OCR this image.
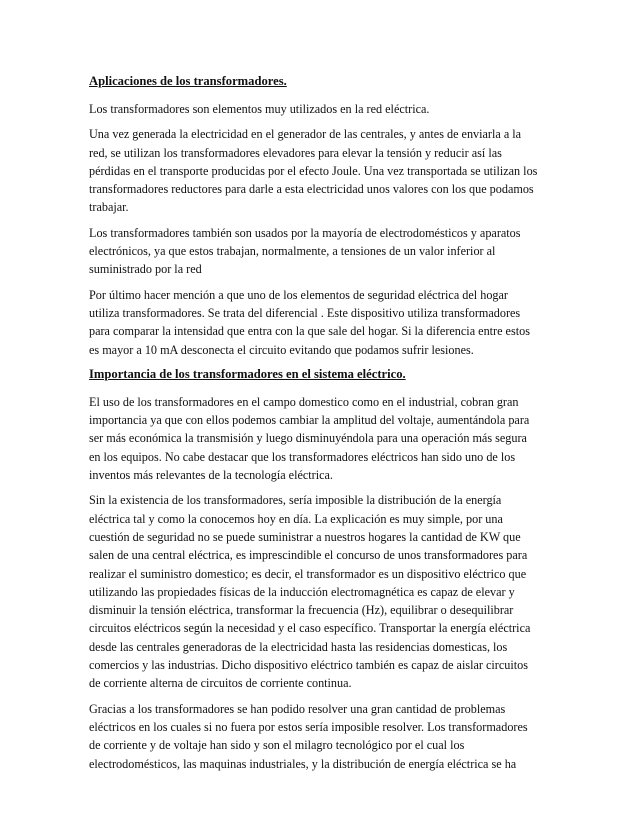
Aplicaciones de los transformadores.
Los transformadores son elementos muy utilizados en la red eléctrica.
Una vez generada la electricidad en el generador de las centrales, y antes de enviarla a la
red, se utilizan los transformadores elevadores para elevar la tensión y reducir así las
pérdidas en el transporte producidas por el efecto Joule. Una vez transportada se utilizan los
transformadores reductores para darle a esta electricidad unos valores con los que podamos
trabajar.
Los transformadores también son usados por la mayoría de electrodomésticos y aparatos
electrónicos, ya que estos trabajan, normalmente, a tensiones de un valor inferior al
suministrado por la red
Por último hacer mención a que uno de los elementos de seguridad eléctrica del hogar
utiliza transformadores. Se trata del diferencial . Este dispositivo utiliza transformadores
para comparar la intensidad que entra con la que sale del hogar. Si la diferencia entre estos
es mayor a 10 mA desconecta el circuito evitando que podamos sufrir lesiones.
Importancia de los transformadores en el sistema eléctrico.
El uso de los transformadores en el campo domestico como en el industrial, cobran gran
importancia ya que con ellos podemos cambiar la amplitud del voltaje, aumentándola para
ser más económica la transmisión y luego disminuyéndola para una operación más segura
en los equipos. No cabe destacar que los transformadores eléctricos han sido uno de los
inventos más relevantes de la tecnología eléctrica.
Sin la existencia de los transformadores, sería imposible la distribución de la energía
eléctrica tal y como la conocemos hoy en día. La explicación es muy simple, por una
cuestión de seguridad no se puede suministrar a nuestros hogares la cantidad de KW que
salen de una central eléctrica, es imprescindible el concurso de unos transformadores para
realizar el suministro domestico; es decir, el transformador es un dispositivo eléctrico que
utilizando las propiedades físicas de la inducción electromagnética es capaz de elevar y
disminuir la tensión eléctrica, transformar la frecuencia (Hz), equilibrar o desequilibrar
circuitos eléctricos según la necesidad y el caso específico. Transportar la energía eléctrica
desde las centrales generadoras de la electricidad hasta las residencias domesticas, los
comercios y las industrias. Dicho dispositivo eléctrico también es capaz de aislar circuitos
de corriente alterna de circuitos de corriente continua.
Gracias a los transformadores se han podido resolver una gran cantidad de problemas
eléctricos en los cuales si no fuera por estos sería imposible resolver. Los transformadores
de corriente y de voltaje han sido y son el milagro tecnológico por el cual los
electrodomésticos, las maquinas industriales, y la distribución de energía eléctrica se ha
